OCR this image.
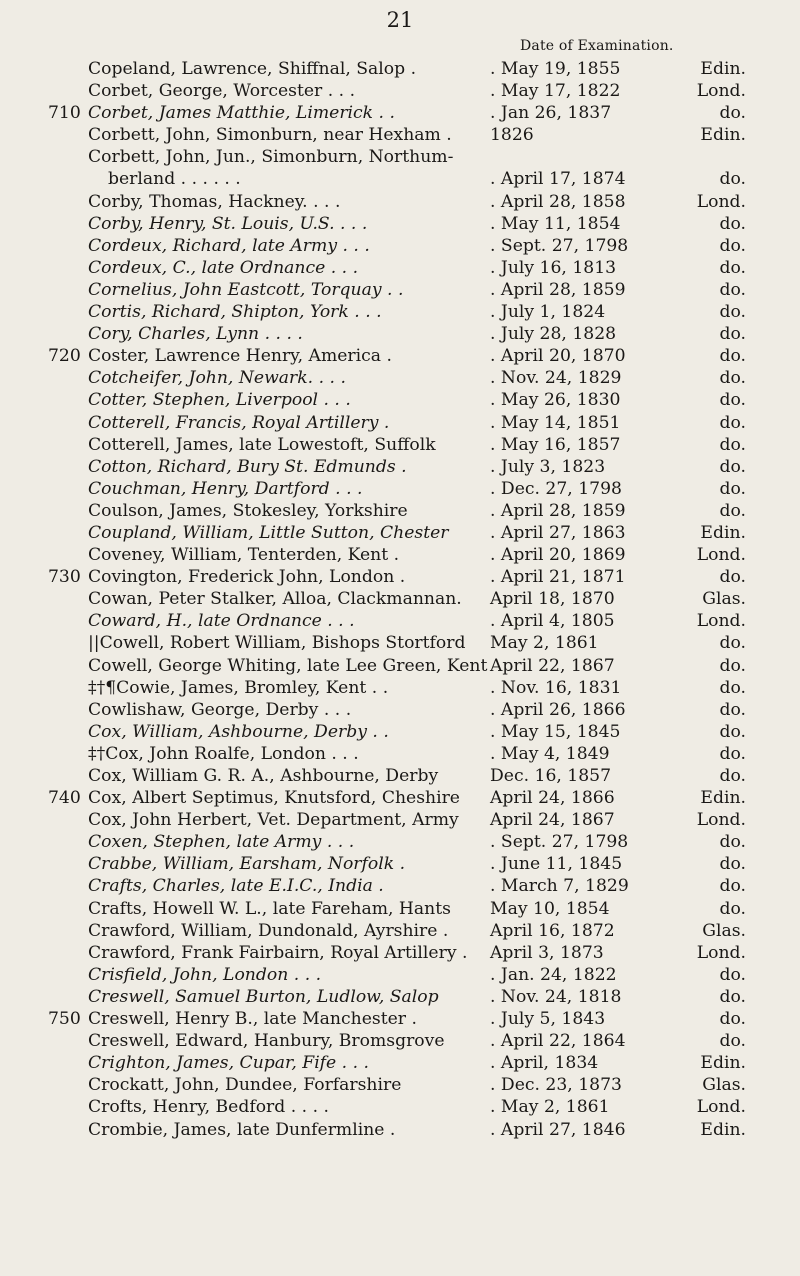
21
Date of Examination.
Copeland, Lawrence, Shiffnal, Salop .	. May 19, 1855	Edin.
Corbet, George, Worcester . . .	. May 17, 1822	Lond.
710 Corbet, James Matthie, Limerick . .	. Jan 26, 1837	do.
Corbett, John, Simonburn, near Hexham . 1826	Edin.
Corbett, John, Jun., Simonburn, Northum-
berland . . . . . .	. April 17, 1874	do.
Corby, Thomas, Hackney. . . .	. April 28, 1858	Lond.
Corby, Henry, St. Louis, U.S. . . .	. May 11, 1854	do.
Cordeux, Richard, late Army . . .	. Sept. 27, 1798	do.
Cordeux, C., late Ordnance . . .	. July 16, 1813	do.
Cornelius, John Eastcott, Torquay . .	. April 28, 1859	do.
Cortis, Richard, Shipton, York . . .	. July 1, 1824	do.
Cory, Charles, Lynn . . . .	. July 28, 1828	do.
720 Coster, Lawrence Henry, America .	. April 20, 1870	do.
Cotcheifer, John, Newark. . . .	. Nov. 24, 1829	do.
Cotter, Stephen, Liverpool . . .	. May 26, 1830	do.
Cotterell, Francis, Royal Artillery .	. May 14, 1851	do.
Cotterell, James, late Lowestoft, Suffolk	. May 16, 1857	do.
Cotton, Richard, Bury St. Edmunds .	. July 3, 1823	do.
Couchman, Henry, Dartford . . .	. Dec. 27, 1798	do.
Coulson, James, Stokesley, Yorkshire	. April 28, 1859	do.
Coupland, William, Little Sutton, Chester . April 27, 1863	Edin.
Coveney, William, Tenterden, Kent .	. April 20, 1869	Lond.
730 Covington, Frederick John, London .	. April 21, 1871	do.
Cowan, Peter Stalker, Alloa, Clackmannan. April 18, 1870	Glas.
Coward, H., late Ordnance . . .	. April 4, 1805	Lond.
||Cowell, Robert William, Bishops Stortford May 2, 1861	do.
Cowell, George Whiting, late Lee Green, Kent April 22, 1867	do.
‡†¶Cowie, James, Bromley, Kent . .	. Nov. 16, 1831	do.
Cowlishaw, George, Derby . . .	. April 26, 1866	do.
Cox, William, Ashbourne, Derby . .	. May 15, 1845	do.
‡†Cox, John Roalfe, London . . .	. May 4, 1849	do.
Cox, William G. R. A., Ashbourne, Derby	Dec. 16, 1857	do.
740 Cox, Albert Septimus, Knutsford, Cheshire April 24, 1866	Edin.
Cox, John Herbert, Vet. Department, Army April 24, 1867	Lond.
Coxen, Stephen, late Army . . .	. Sept. 27, 1798	do.
Crabbe, William, Earsham, Norfolk .	. June 11, 1845	do.
Crafts, Charles, late E.I.C., India .	. March 7, 1829	do.
Crafts, Howell W. L., late Fareham, Hants May 10, 1854	do.
Crawford, William, Dundonald, Ayrshire . April 16, 1872	Glas.
Crawford, Frank Fairbairn, Royal Artillery . April 3, 1873	Lond.
Crisfield, John, London . . .	. Jan. 24, 1822	do.
Creswell, Samuel Burton, Ludlow, Salop	. Nov. 24, 1818	do.
750 Creswell, Henry B., late Manchester .	. July 5, 1843	do.
Creswell, Edward, Hanbury, Bromsgrove	. April 22, 1864	do.
Crighton, James, Cupar, Fife . . .	. April, 1834	Edin.
Crockatt, John, Dundee, Forfarshire	. Dec. 23, 1873	Glas.
Crofts, Henry, Bedford . . . .	. May 2, 1861	Lond.
Crombie, James, late Dunfermline .	. April 27, 1846	Edin.
